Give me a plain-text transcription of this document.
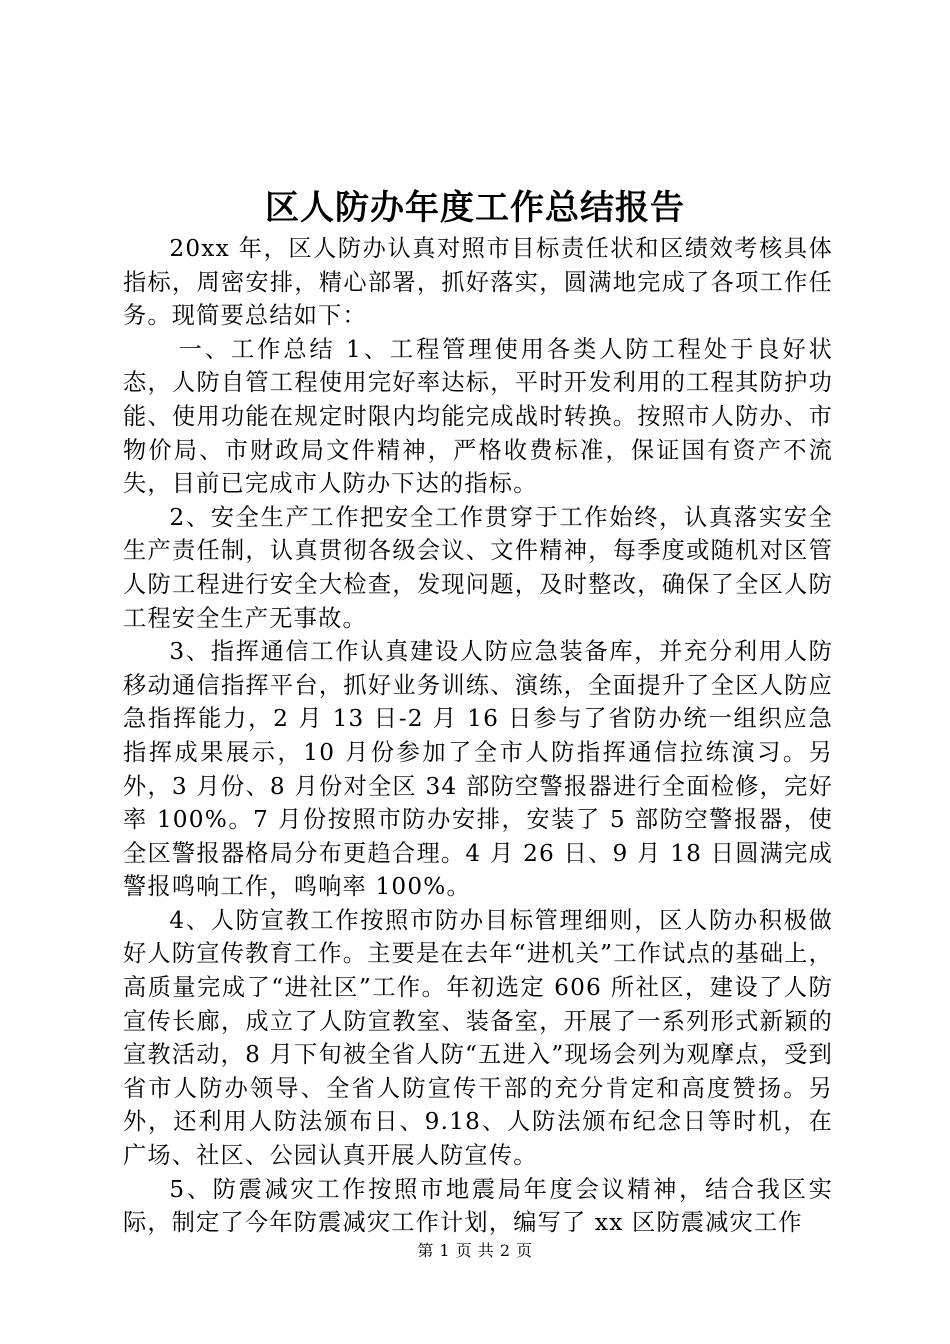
区人防办年度工作总结报告

20xx 年，区人防办认真对照市目标责任状和区绩效考核具体指标，周密安排，精心部署，抓好落实，圆满地完成了各项工作任务。现简要总结如下：

一、工作总结 1、工程管理使用各类人防工程处于良好状态，人防自管工程使用完好率达标，平时开发利用的工程其防护功能、使用功能在规定时限内均能完成战时转换。按照市人防办、市物价局、市财政局文件精神，严格收费标准，保证国有资产不流失，目前已完成市人防办下达的指标。

2、安全生产工作把安全工作贯穿于工作始终，认真落实安全生产责任制，认真贯彻各级会议、文件精神，每季度或随机对区管人防工程进行安全大检查，发现问题，及时整改，确保了全区人防工程安全生产无事故。

3、指挥通信工作认真建设人防应急装备库，并充分利用人防移动通信指挥平台，抓好业务训练、演练，全面提升了全区人防应急指挥能力，2 月 13 日-2 月 16 日参与了省防办统一组织应急指挥成果展示，10 月份参加了全市人防指挥通信拉练演习。另外，3 月份、8 月份对全区 34 部防空警报器进行全面检修，完好率 100%。7 月份按照市防办安排，安装了 5 部防空警报器，使全区警报器格局分布更趋合理。4 月 26 日、9 月 18 日圆满完成警报鸣响工作，鸣响率 100%。

4、人防宣教工作按照市防办目标管理细则，区人防办积极做好人防宣传教育工作。主要是在去年“进机关”工作试点的基础上，高质量完成了“进社区”工作。年初选定 606 所社区，建设了人防宣传长廊，成立了人防宣教室、装备室，开展了一系列形式新颖的宣教活动，8 月下旬被全省人防“五进入”现场会列为观摩点，受到省市人防办领导、全省人防宣传干部的充分肯定和高度赞扬。另外，还利用人防法颁布日、9.18、人防法颁布纪念日等时机，在广场、社区、公园认真开展人防宣传。

5、防震减灾工作按照市地震局年度会议精神，结合我区实际，制定了今年防震减灾工作计划，编写了 xx 区防震减灾工作

第 1 页 共 2 页
